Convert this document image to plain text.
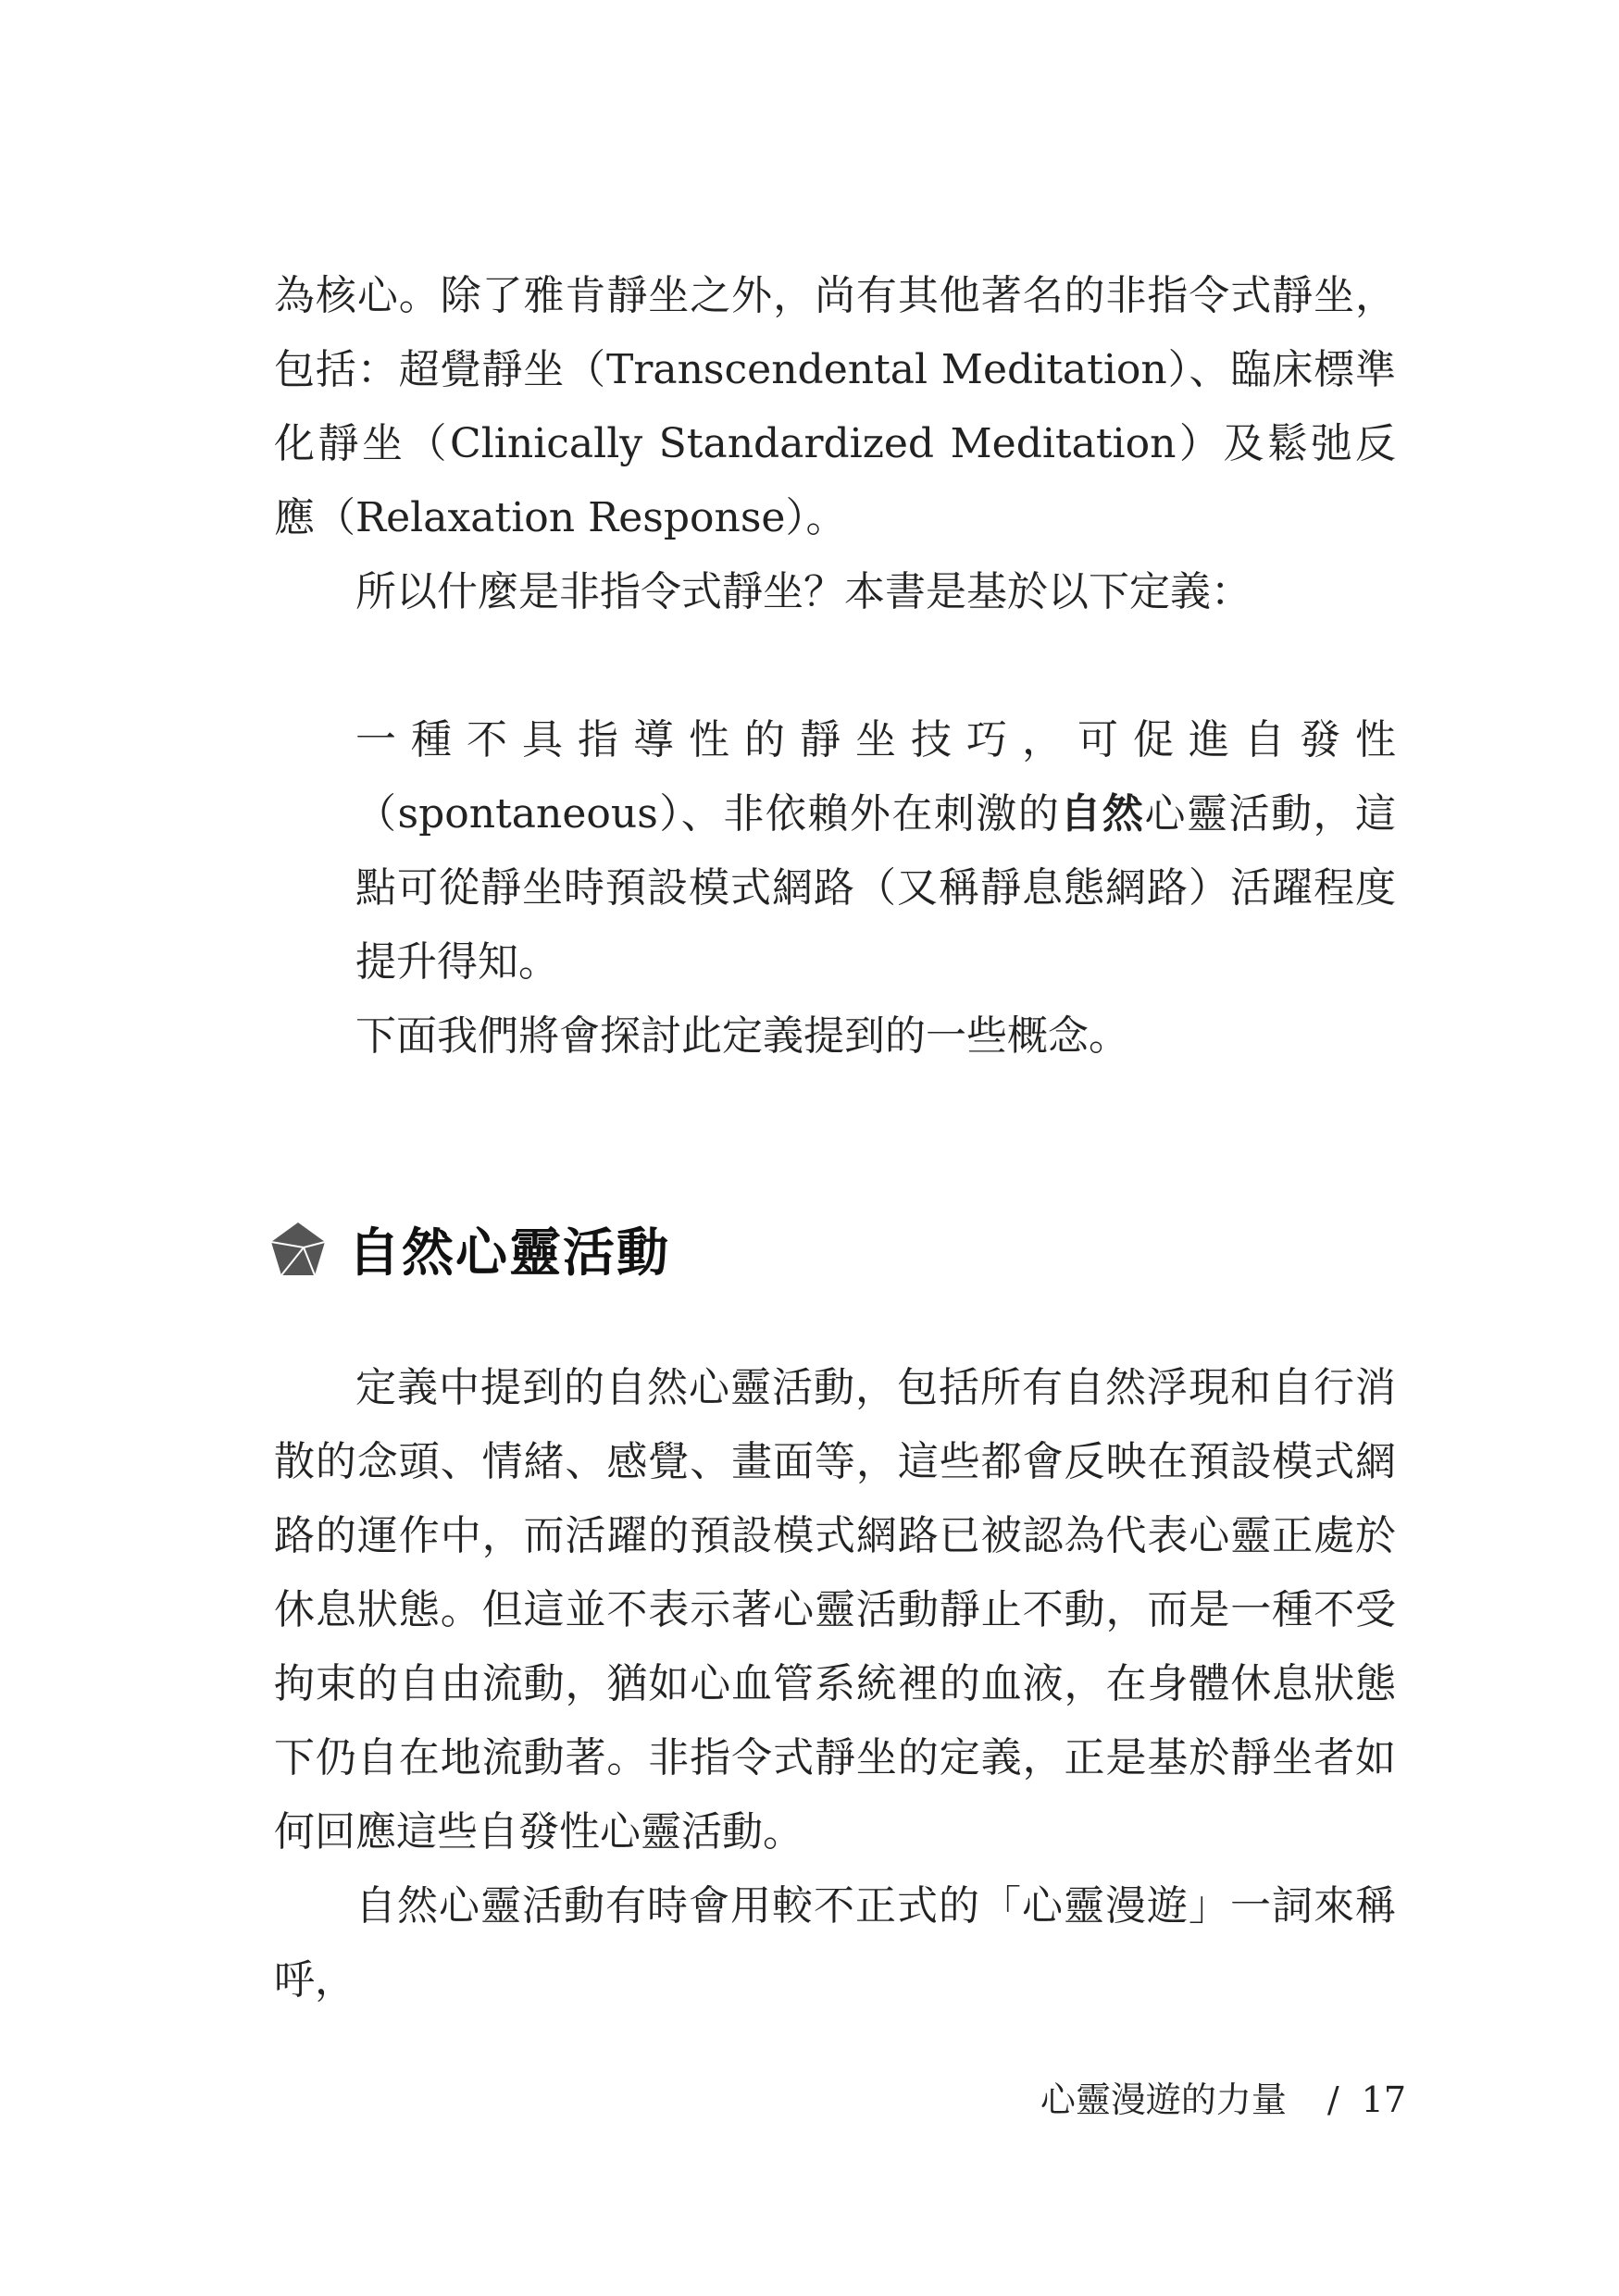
為核心。除了雅肯靜坐之外，尚有其他著名的非指令式靜坐，包括：超覺靜坐（Transcendental Meditation）、臨床標準化靜坐（Clinically Standardized Meditation）及鬆弛反應（Relaxation Response）。

所以什麼是非指令式靜坐？本書是基於以下定義：

一種不具指導性的靜坐技巧，可促進自發性（spontaneous）、非依賴外在刺激的自然心靈活動，這點可從靜坐時預設模式網路（又稱靜息態網路）活躍程度提升得知。

下面我們將會探討此定義提到的一些概念。

自然心靈活動

定義中提到的自然心靈活動，包括所有自然浮現和自行消散的念頭、情緒、感覺、畫面等，這些都會反映在預設模式網路的運作中，而活躍的預設模式網路已被認為代表心靈正處於休息狀態。但這並不表示著心靈活動靜止不動，而是一種不受拘束的自由流動，猶如心血管系統裡的血液，在身體休息狀態下仍自在地流動著。非指令式靜坐的定義，正是基於靜坐者如何回應這些自發性心靈活動。

自然心靈活動有時會用較不正式的「心靈漫遊」一詞來稱呼，

心靈漫遊的力量 / 17
